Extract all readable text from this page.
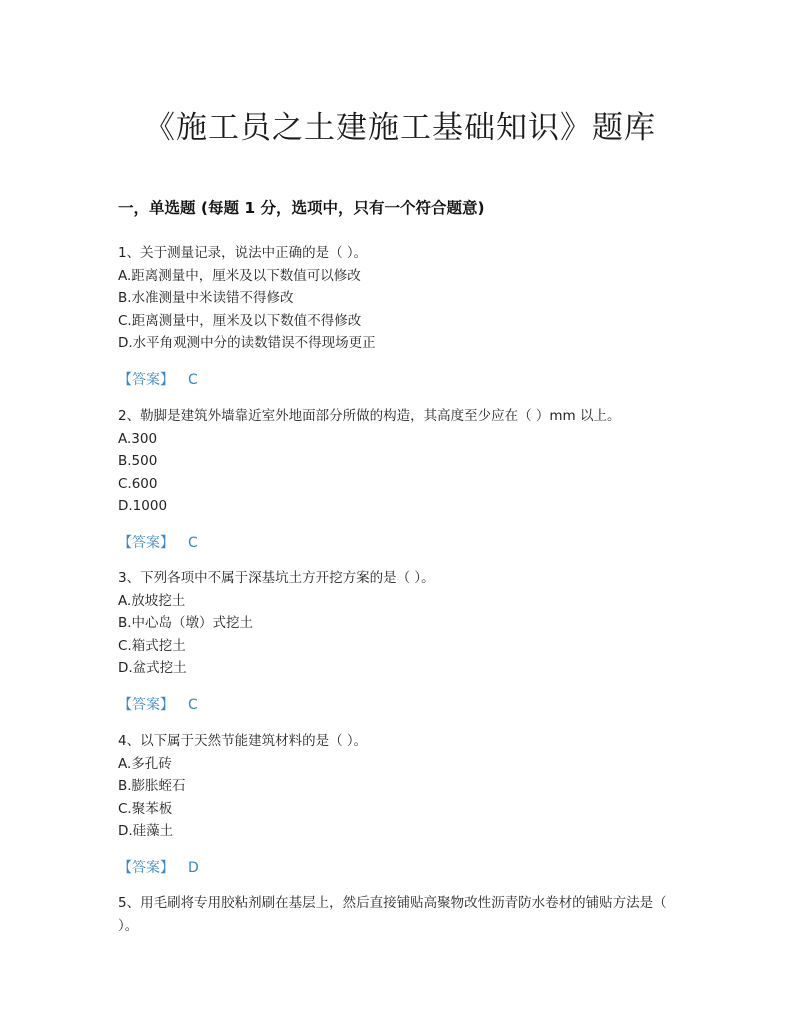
《施工员之土建施工基础知识》题库
一，单选题 (每题 1 分，选项中，只有一个符合题意)

1、关于测量记录，说法中正确的是（ ）。

A.距离测量中，厘米及以下数值可以修改

B.水准测量中米读错不得修改

C.距离测量中，厘米及以下数值不得修改

D.水平角观测中分的读数错误不得现场更正

【答案】 C

2、勒脚是建筑外墙靠近室外地面部分所做的构造，其高度至少应在（ ）mm 以上。

A.300

B.500

C.600

D.1000

【答案】 C

3、下列各项中不属于深基坑土方开挖方案的是（ ）。

A.放坡挖土

B.中心岛（墩）式挖土

C.箱式挖土

D.盆式挖土

【答案】 C

4、以下属于天然节能建筑材料的是（ ）。

A.多孔砖

B.膨胀蛭石

C.聚苯板

D.硅藻土

【答案】 D

5、用毛刷将专用胶粘剂刷在基层上，然后直接铺贴高聚物改性沥青防水卷材的铺贴方法是（ ）。
